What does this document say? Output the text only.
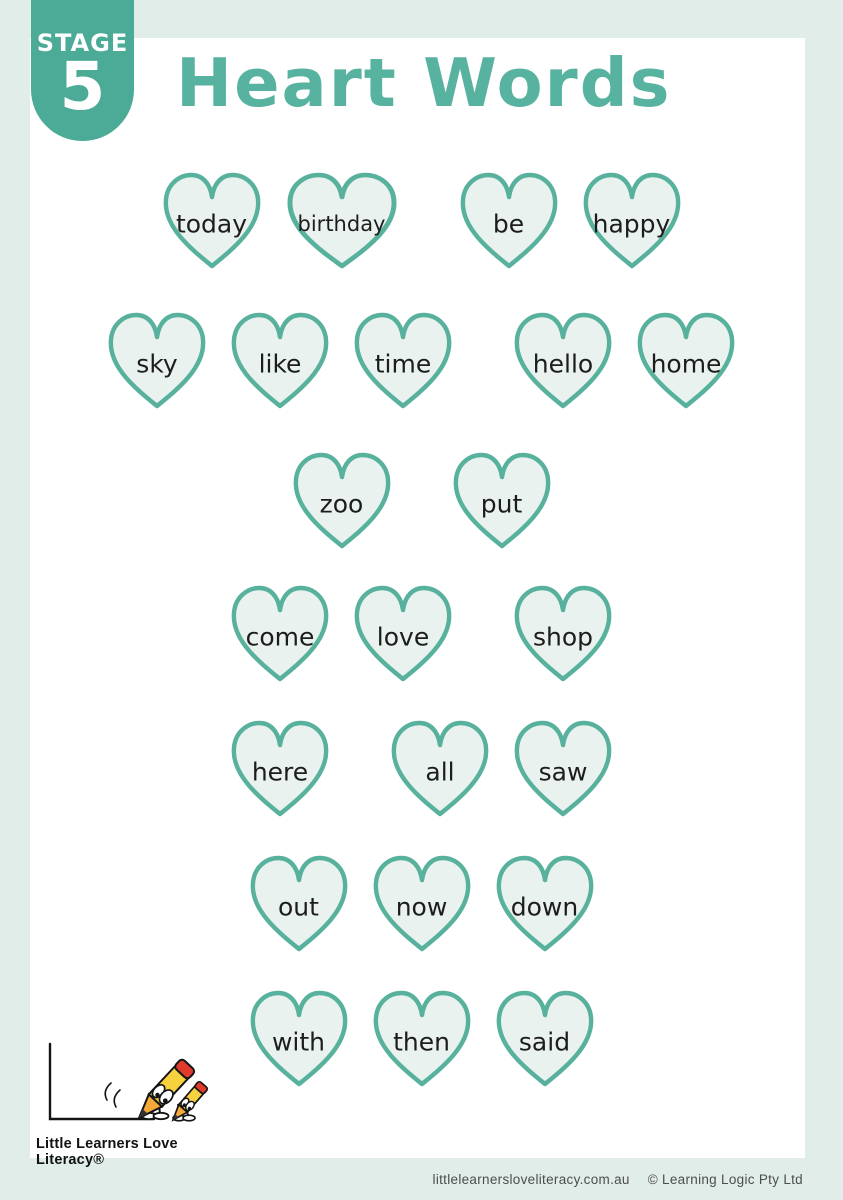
STAGE
5 Heart Words
today	birthday	be	happy
sky	like	time	hello	home
zoo	put
come	love	shop
here	all	saw
out	now	down
with	then	said
Little Learners Love Literacy®
littlelearnersloveliteracy.com.au © Learning Logic Pty Ltd
